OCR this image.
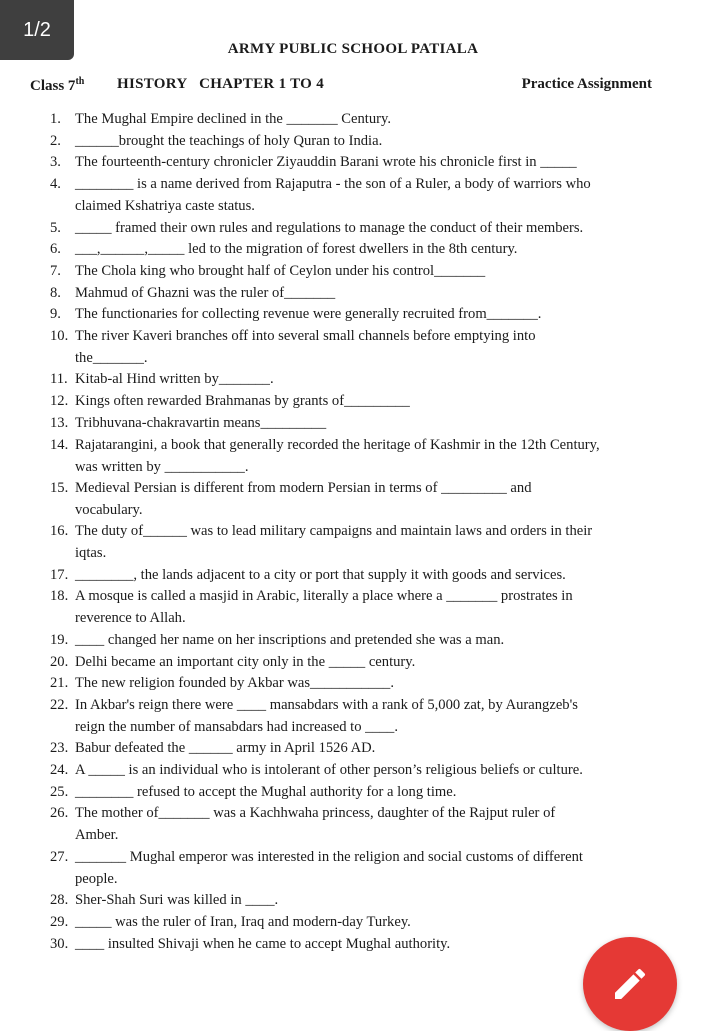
1/2
ARMY PUBLIC SCHOOL PATIALA
Class 7th HISTORY   CHAPTER 1 TO 4	Practice Assignment
1. The Mughal Empire declined in the _______ Century.
2. ______brought the teachings of holy Quran to India.
3. The fourteenth-century chronicler Ziyauddin Barani wrote his chronicle first in _____
4. ________ is a name derived from Rajaputra - the son of a Ruler, a body of warriors who
claimed Kshatriya caste status.
5. _____ framed their own rules and regulations to manage the conduct of their members.
6. ___,______,_____ led to the migration of forest dwellers in the 8th century.
7. The Chola king who brought half of Ceylon under his control_______
8. Mahmud of Ghazni was the ruler of_______
9. The functionaries for collecting revenue were generally recruited from_______.
10. The river Kaveri branches off into several small channels before emptying into
the_______.
11. Kitab-al Hind written by_______.
12. Kings often rewarded Brahmanas by grants of_________
13. Tribhuvana-chakravartin means_________
14. Rajatarangini, a book that generally recorded the heritage of Kashmir in the 12th Century,
was written by ___________.
15. Medieval Persian is different from modern Persian in terms of _________ and
vocabulary.
16. The duty of______ was to lead military campaigns and maintain laws and orders in their
iqtas.
17. ________, the lands adjacent to a city or port that supply it with goods and services.
18. A mosque is called a masjid in Arabic, literally a place where a _______ prostrates in
reverence to Allah.
19. ____ changed her name on her inscriptions and pretended she was a man.
20. Delhi became an important city only in the _____ century.
21. The new religion founded by Akbar was___________.
22. In Akbar's reign there were ____ mansabdars with a rank of 5,000 zat, by Aurangzeb's
reign the number of mansabdars had increased to ____.
23. Babur defeated the ______ army in April 1526 AD.
24. A _____ is an individual who is intolerant of other person’s religious beliefs or culture.
25. ________ refused to accept the Mughal authority for a long time.
26. The mother of_______ was a Kachhwaha princess, daughter of the Rajput ruler of
Amber.
27. _______ Mughal emperor was interested in the religion and social customs of different
people.
28. Sher-Shah Suri was killed in ____.
29. _____ was the ruler of Iran, Iraq and modern-day Turkey.
30. ____ insulted Shivaji when he came to accept Mughal authority.
